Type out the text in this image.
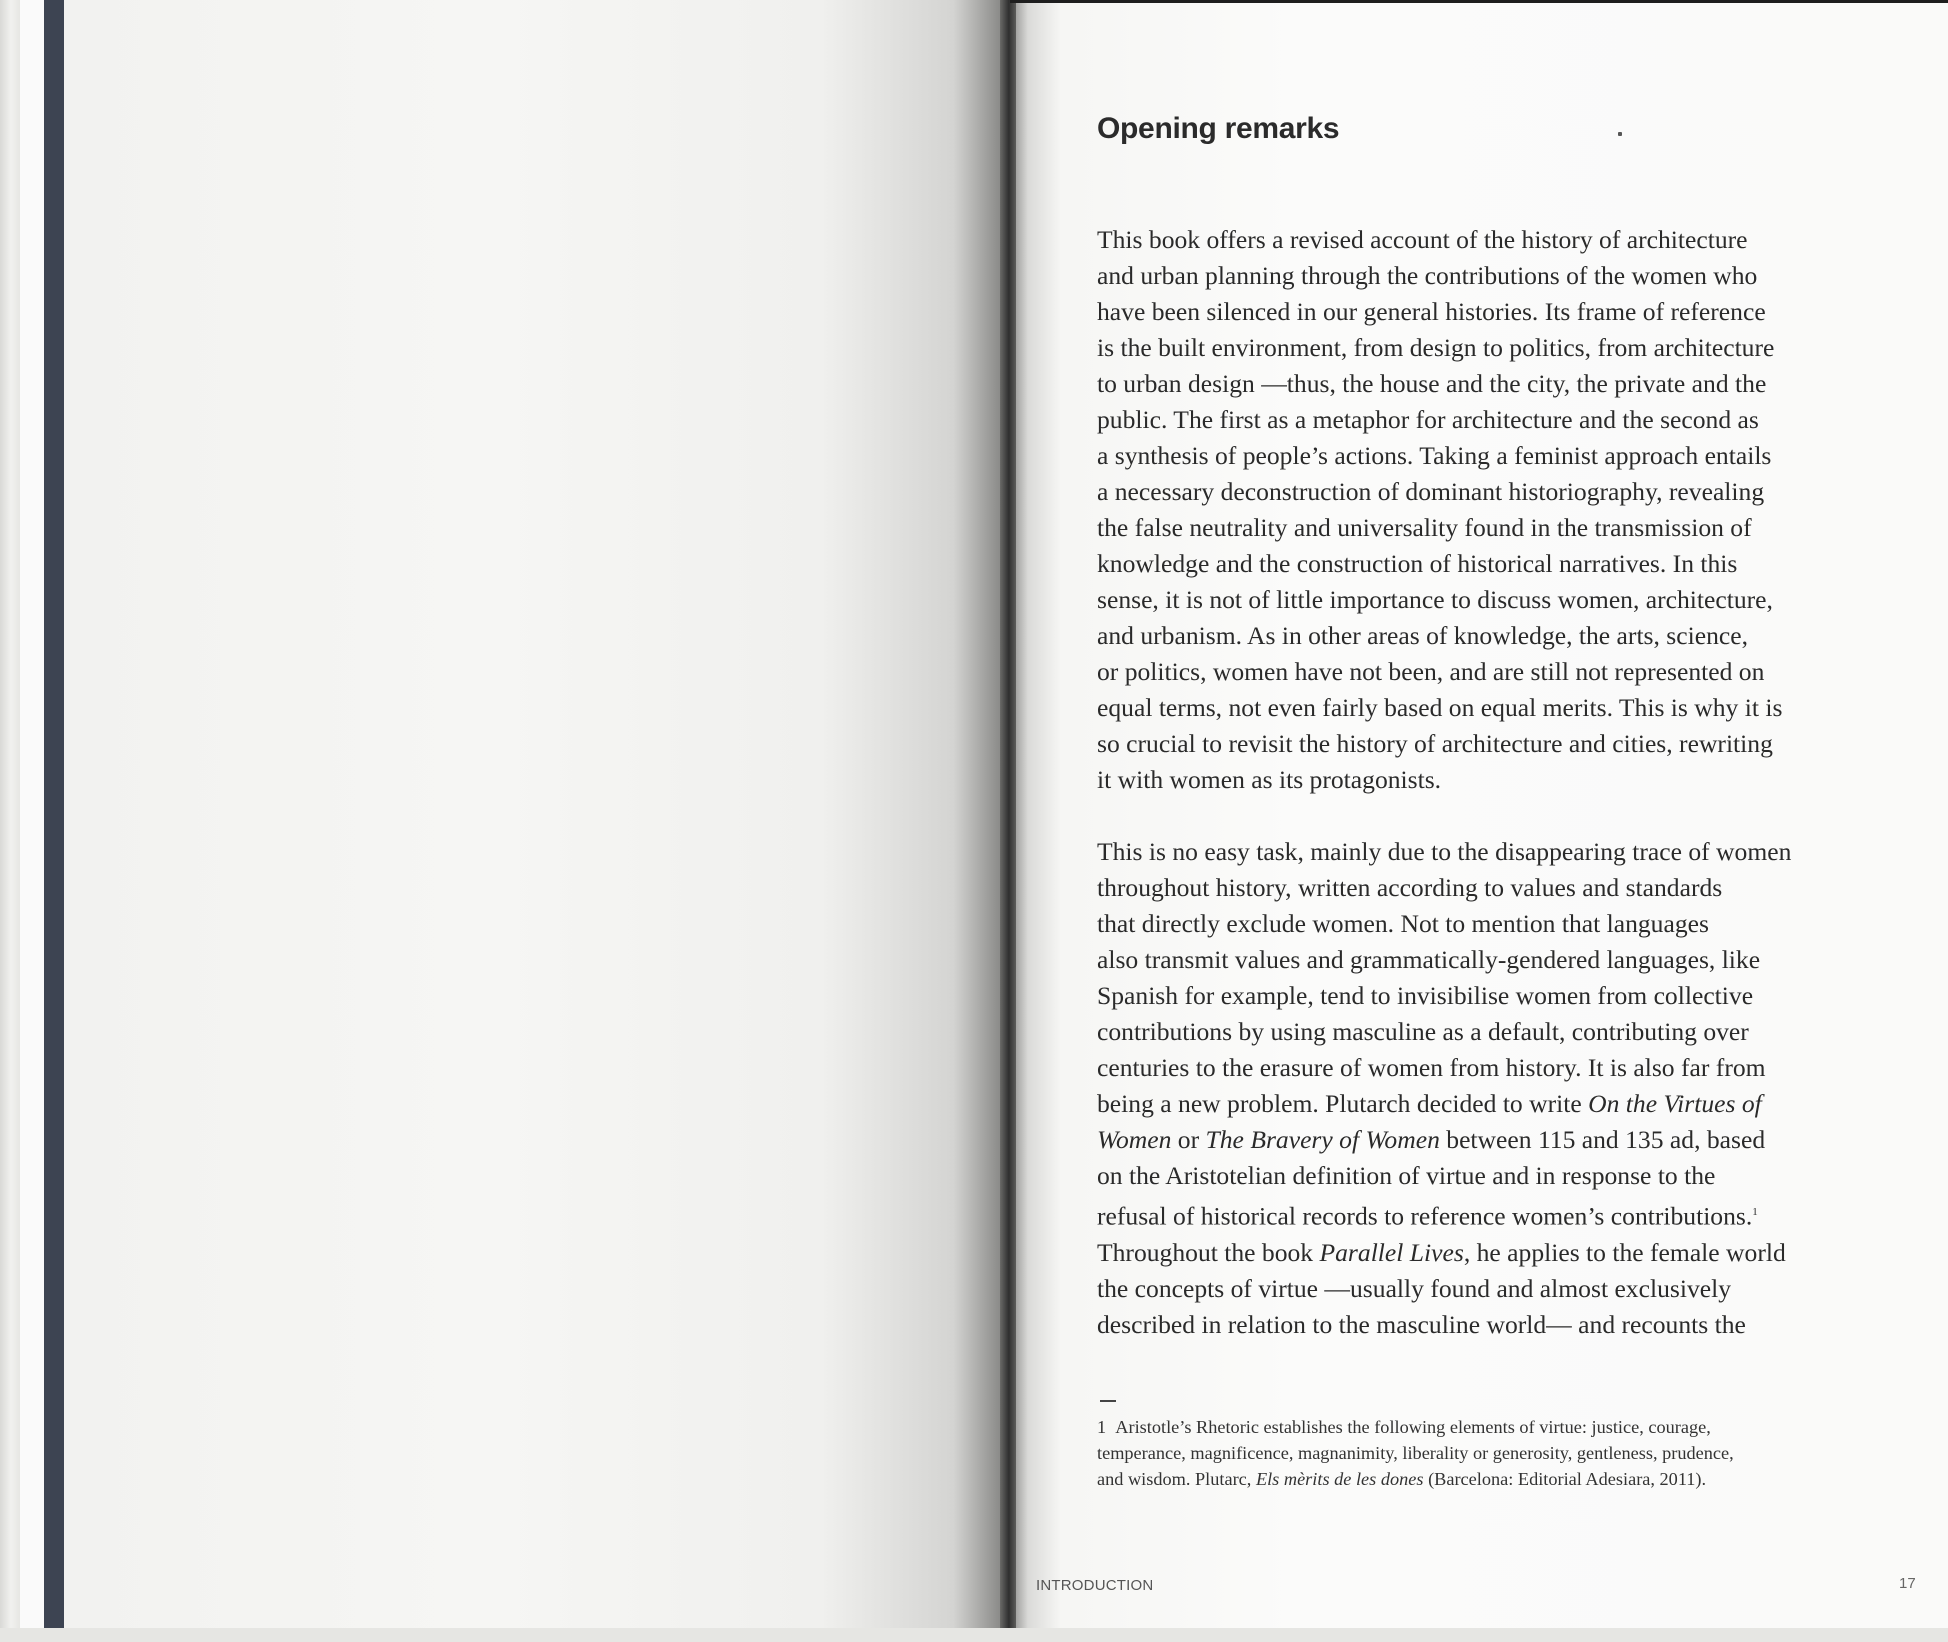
Opening remarks

This book offers a revised account of the history of architecture
and urban planning through the contributions of the women who
have been silenced in our general histories. Its frame of reference
is the built environment, from design to politics, from architecture
to urban design —thus, the house and the city, the private and the
public. The first as a metaphor for architecture and the second as
a synthesis of people’s actions. Taking a feminist approach entails
a necessary deconstruction of dominant historiography, revealing
the false neutrality and universality found in the transmission of
knowledge and the construction of historical narratives. In this
sense, it is not of little importance to discuss women, architecture,
and urbanism. As in other areas of knowledge, the arts, science,
or politics, women have not been, and are still not represented on
equal terms, not even fairly based on equal merits. This is why it is
so crucial to revisit the history of architecture and cities, rewriting
it with women as its protagonists.

This is no easy task, mainly due to the disappearing trace of women
throughout history, written according to values and standards
that directly exclude women. Not to mention that languages
also transmit values and grammatically-gendered languages, like
Spanish for example, tend to invisibilise women from collective
contributions by using masculine as a default, contributing over
centuries to the erasure of women from history. It is also far from
being a new problem. Plutarch decided to write On the Virtues of
Women or The Bravery of Women between 115 and 135 ad, based
on the Aristotelian definition of virtue and in response to the
refusal of historical records to reference women’s contributions.$^1$
Throughout the book Parallel Lives, he applies to the female world
the concepts of virtue —usually found and almost exclusively
described in relation to the masculine world— and recounts the

1 Aristotle’s Rhetoric establishes the following elements of virtue: justice, courage,
temperance, magnificence, magnanimity, liberality or generosity, gentleness, prudence,
and wisdom. Plutarc, Els mèrits de les dones (Barcelona: Editorial Adesiara, 2011).

INTRODUCTION	17
